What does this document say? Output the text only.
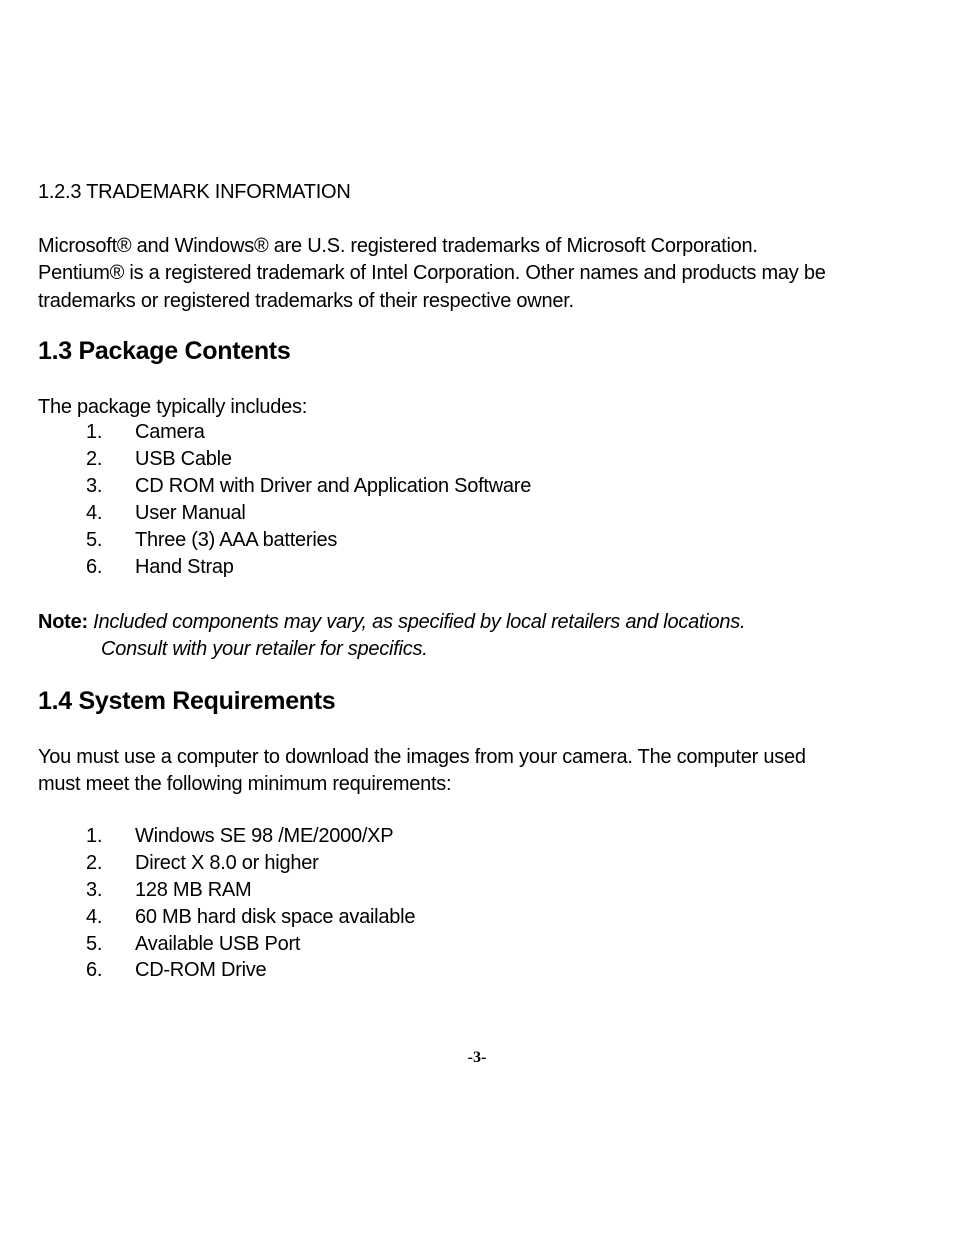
1.2.3 TRADEMARK INFORMATION
Microsoft® and Windows® are U.S. registered trademarks of Microsoft Corporation.
Pentium® is a registered trademark of Intel Corporation. Other names and products may be
trademarks or registered trademarks of their respective owner.
1.3 Package Contents
The package typically includes:
1.	Camera
2.	USB Cable
3.	CD ROM with Driver and Application Software
4.	User Manual
5.	Three (3) AAA batteries
6.	Hand Strap
Note: Included components may vary, as specified by local retailers and locations.
Consult with your retailer for specifics.
1.4 System Requirements
You must use a computer to download the images from your camera. The computer used
must meet the following minimum requirements:
1.	Windows SE 98 /ME/2000/XP
2.	Direct X 8.0 or higher
3.	128 MB RAM
4.	60 MB hard disk space available
5.	Available USB Port
6.	CD-ROM Drive
-3-
